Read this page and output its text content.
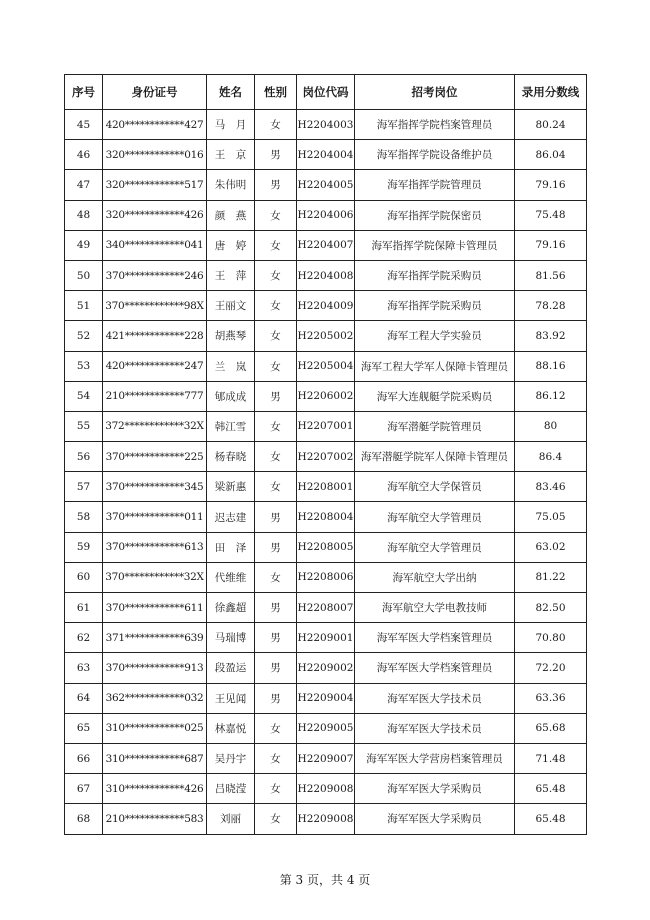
序号	身份证号	姓名	性别	岗位代码	招考岗位	录用分数线
45	420************427	马　月	女	H2204003	海军指挥学院档案管理员	80.24
46	320************016	王　京	男	H2204004	海军指挥学院设备维护员	86.04
47	320************517	朱伟明	男	H2204005	海军指挥学院管理员	79.16
48	320************426	颜　燕	女	H2204006	海军指挥学院保密员	75.48
49	340************041	唐　婷	女	H2204007	海军指挥学院保障卡管理员	79.16
50	370************246	王　萍	女	H2204008	海军指挥学院采购员	81.56
51	370************98X	王丽文	女	H2204009	海军指挥学院采购员	78.28
52	421************228	胡燕琴	女	H2205002	海军工程大学实验员	83.92
53	420************247	兰　岚	女	H2205004	海军工程大学军人保障卡管理员	88.16
54	210************777	郇成成	男	H2206002	海军大连舰艇学院采购员	86.12
55	372************32X	韩江雪	女	H2207001	海军潜艇学院管理员	80
56	370************225	杨春晓	女	H2207002	海军潜艇学院军人保障卡管理员	86.4
57	370************345	梁新惠	女	H2208001	海军航空大学保管员	83.46
58	370************011	迟志建	男	H2208004	海军航空大学管理员	75.05
59	370************613	田　泽	男	H2208005	海军航空大学管理员	63.02
60	370************32X	代维维	女	H2208006	海军航空大学出纳	81.22
61	370************611	徐鑫超	男	H2208007	海军航空大学电教技师	82.50
62	371************639	马瑞博	男	H2209001	海军军医大学档案管理员	70.80
63	370************913	段盈运	男	H2209002	海军军医大学档案管理员	72.20
64	362************032	王见闻	男	H2209004	海军军医大学技术员	63.36
65	310************025	林嘉悦	女	H2209005	海军军医大学技术员	65.68
66	310************687	吴丹宇	女	H2209007	海军军医大学营房档案管理员	71.48
67	310************426	吕晓滢	女	H2209008	海军军医大学采购员	65.48
68	210************583	刘丽	女	H2209008	海军军医大学采购员	65.48
第 3 页，共 4 页
